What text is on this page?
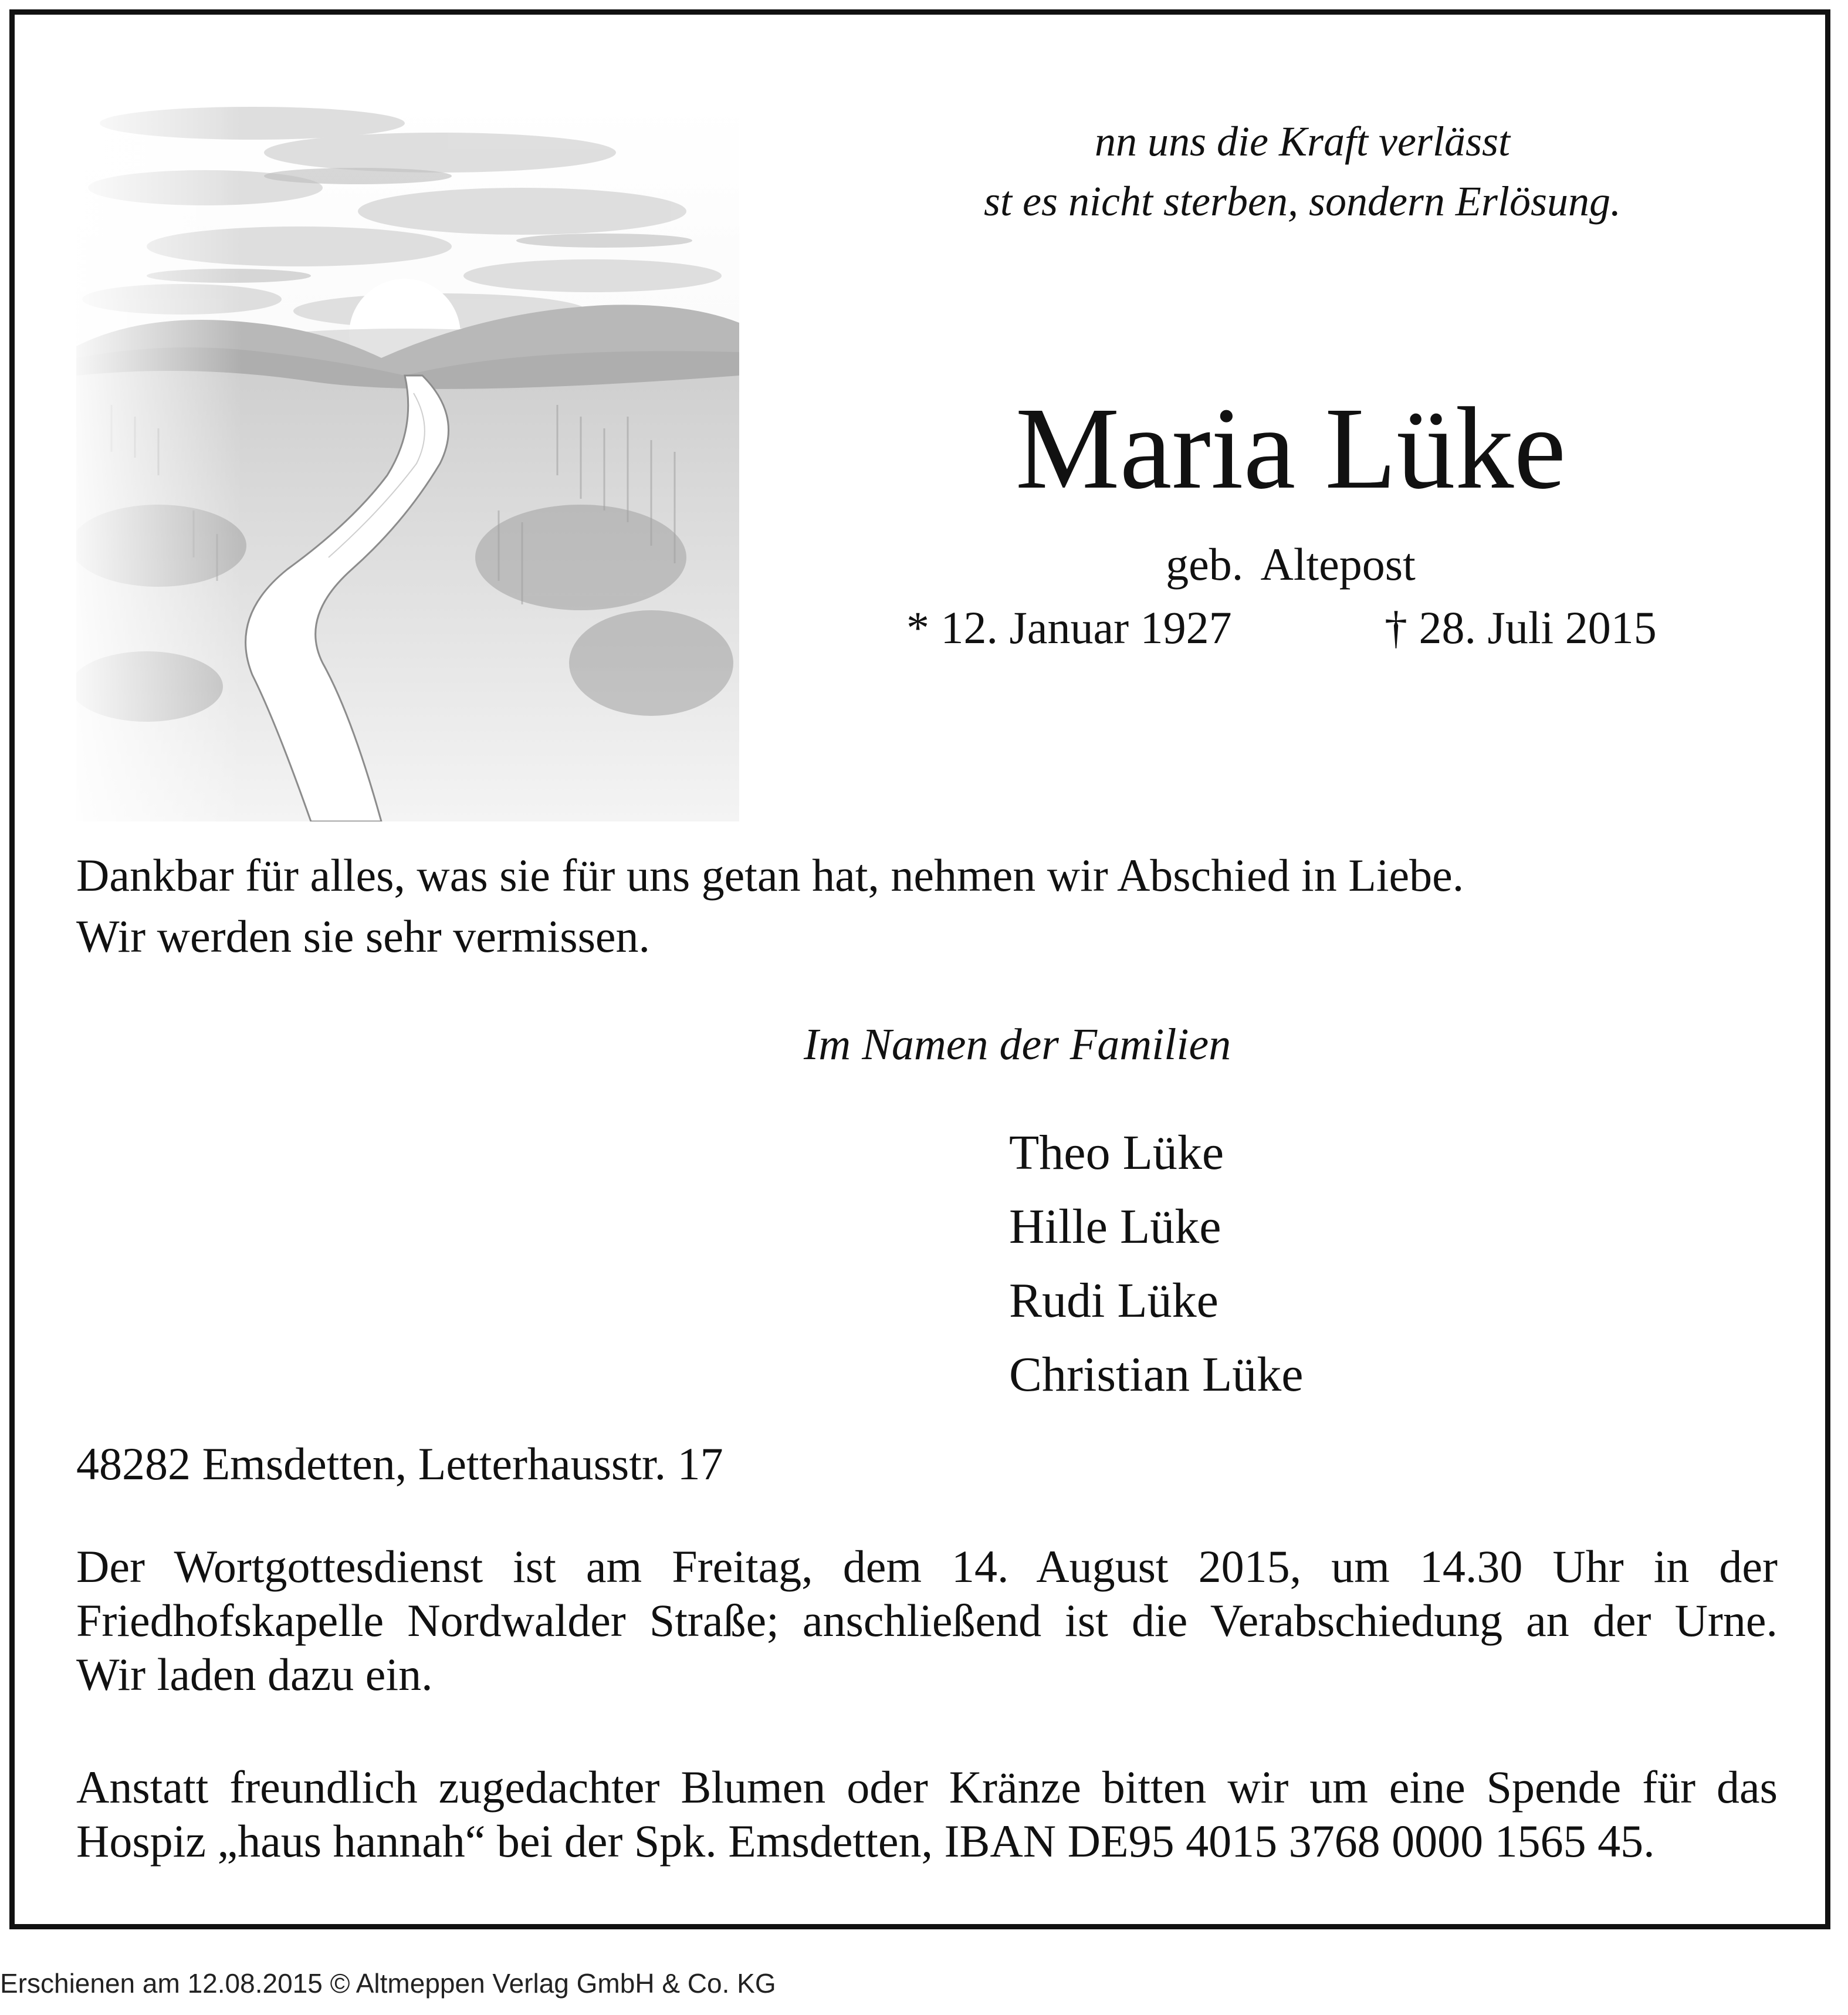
nn uns die Kraft verlässt
st es nicht sterben, sondern Erlösung.
Maria Lüke
geb. Altepost
* 12. Januar 1927	† 28. Juli 2015
Dankbar für alles, was sie für uns getan hat, nehmen wir Abschied in Liebe.
Wir werden sie sehr vermissen.
Im Namen der Familien
Theo Lüke
Hille Lüke
Rudi Lüke
Christian Lüke
48282 Emsdetten, Letterhausstr. 17
Der Wortgottesdienst ist am Freitag, dem 14. August 2015, um 14.30 Uhr in der
Friedhofskapelle Nordwalder Straße; anschließend ist die Verabschiedung an der Urne.
Wir laden dazu ein.
Anstatt freundlich zugedachter Blumen oder Kränze bitten wir um eine Spende für das
Hospiz „haus hannah“ bei der Spk. Emsdetten, IBAN DE95 4015 3768 0000 1565 45.
Erschienen am 12.08.2015 © Altmeppen Verlag GmbH & Co. KG
